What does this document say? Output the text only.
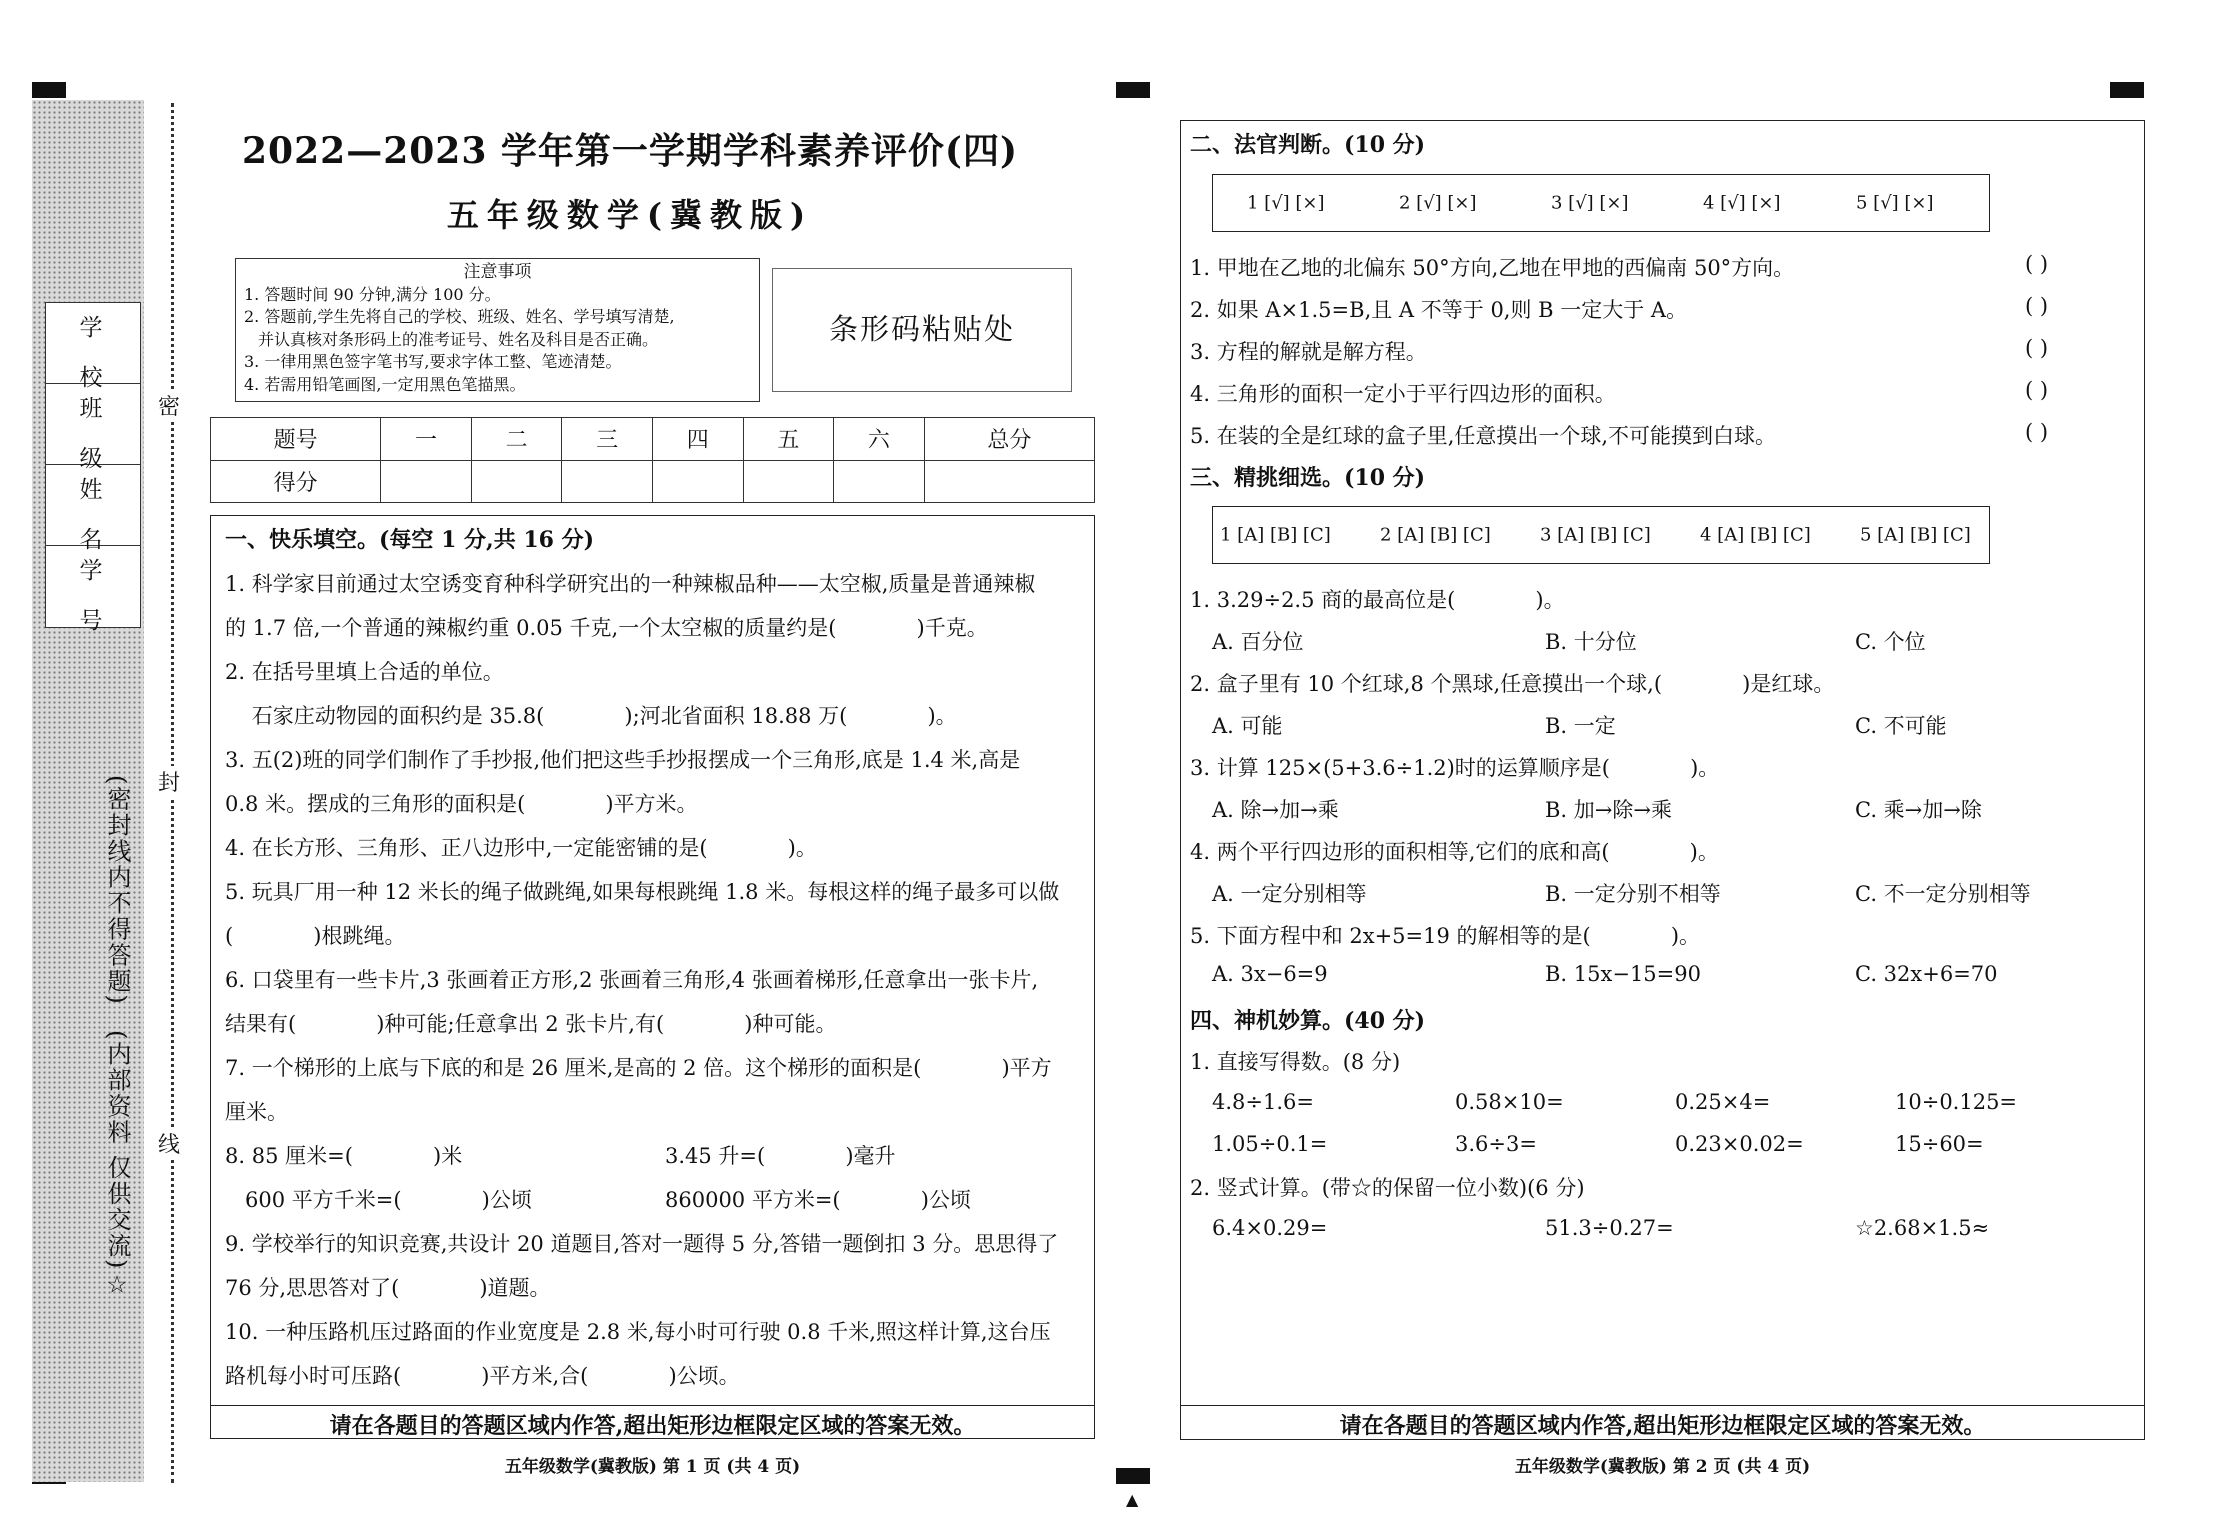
▲
学 校
班 级
姓 名
学 号
(密封线内不得答题)
(内部资料 仅供交流)☆
密
封
线
2022—2023 学年第一学期学科素养评价(四)
五年级数学(冀教版)
注意事项
1. 答题时间 90 分钟,满分 100 分。
2. 答题前,学生先将自己的学校、班级、姓名、学号填写清楚,
并认真核对条形码上的准考证号、姓名及科目是否正确。
3. 一律用黑色签字笔书写,要求字体工整、笔迹清楚。
4. 若需用铅笔画图,一定用黑色笔描黑。
条形码粘贴处
题号	一	二	三	四	五	六	总分
得分							
一、快乐填空。(每空 1 分,共 16 分)
1. 科学家目前通过太空诱变育种科学研究出的一种辣椒品种——太空椒,质量是普通辣椒
的 1.7 倍,一个普通的辣椒约重 0.05 千克,一个太空椒的质量约是(            )千克。
2. 在括号里填上合适的单位。
石家庄动物园的面积约是 35.8(            );河北省面积 18.88 万(            )。
3. 五(2)班的同学们制作了手抄报,他们把这些手抄报摆成一个三角形,底是 1.4 米,高是
0.8 米。摆成的三角形的面积是(            )平方米。
4. 在长方形、三角形、正八边形中,一定能密铺的是(            )。
5. 玩具厂用一种 12 米长的绳子做跳绳,如果每根跳绳 1.8 米。每根这样的绳子最多可以做
(            )根跳绳。
6. 口袋里有一些卡片,3 张画着正方形,2 张画着三角形,4 张画着梯形,任意拿出一张卡片,
结果有(            )种可能;任意拿出 2 张卡片,有(            )种可能。
7. 一个梯形的上底与下底的和是 26 厘米,是高的 2 倍。这个梯形的面积是(            )平方
厘米。
8. 85 厘米=(            )米	3.45 升=(            )毫升
600 平方千米=(            )公顷	860000 平方米=(            )公顷
9. 学校举行的知识竞赛,共设计 20 道题目,答对一题得 5 分,答错一题倒扣 3 分。思思得了
76 分,思思答对了(            )道题。
10. 一种压路机压过路面的作业宽度是 2.8 米,每小时可行驶 0.8 千米,照这样计算,这台压
路机每小时可压路(            )平方米,合(            )公顷。
请在各题目的答题区域内作答,超出矩形边框限定区域的答案无效。
五年级数学(冀教版) 第 1 页 (共 4 页)
二、法官判断。(10 分)
1 [√] [×]	2 [√] [×]	3 [√] [×]	4 [√] [×]	5 [√] [×]
1. 甲地在乙地的北偏东 50°方向,乙地在甲地的西偏南 50°方向。
2. 如果 A×1.5=B,且 A 不等于 0,则 B 一定大于 A。
3. 方程的解就是解方程。
4. 三角形的面积一定小于平行四边形的面积。
5. 在装的全是红球的盒子里,任意摸出一个球,不可能摸到白球。
( )
( )
( )
( )
( )
三、精挑细选。(10 分)
1 [A] [B] [C]	2 [A] [B] [C]	3 [A] [B] [C]	4 [A] [B] [C]	5 [A] [B] [C]
1. 3.29÷2.5 商的最高位是(            )。
A. 百分位	B. 十分位	C. 个位
2. 盒子里有 10 个红球,8 个黑球,任意摸出一个球,(            )是红球。
A. 可能	B. 一定	C. 不可能
3. 计算 125×(5+3.6÷1.2)时的运算顺序是(            )。
A. 除→加→乘	B. 加→除→乘	C. 乘→加→除
4. 两个平行四边形的面积相等,它们的底和高(            )。
A. 一定分别相等	B. 一定分别不相等	C. 不一定分别相等
5. 下面方程中和 2x+5=19 的解相等的是(            )。
A. 3x−6=9	B. 15x−15=90	C. 32x+6=70
四、神机妙算。(40 分)
1. 直接写得数。(8 分)
4.8÷1.6=	0.58×10=	0.25×4=	10÷0.125=
1.05÷0.1=	3.6÷3=	0.23×0.02=	15÷60=
2. 竖式计算。(带☆的保留一位小数)(6 分)
6.4×0.29=	51.3÷0.27=	☆2.68×1.5≈
请在各题目的答题区域内作答,超出矩形边框限定区域的答案无效。
五年级数学(冀教版) 第 2 页 (共 4 页)
